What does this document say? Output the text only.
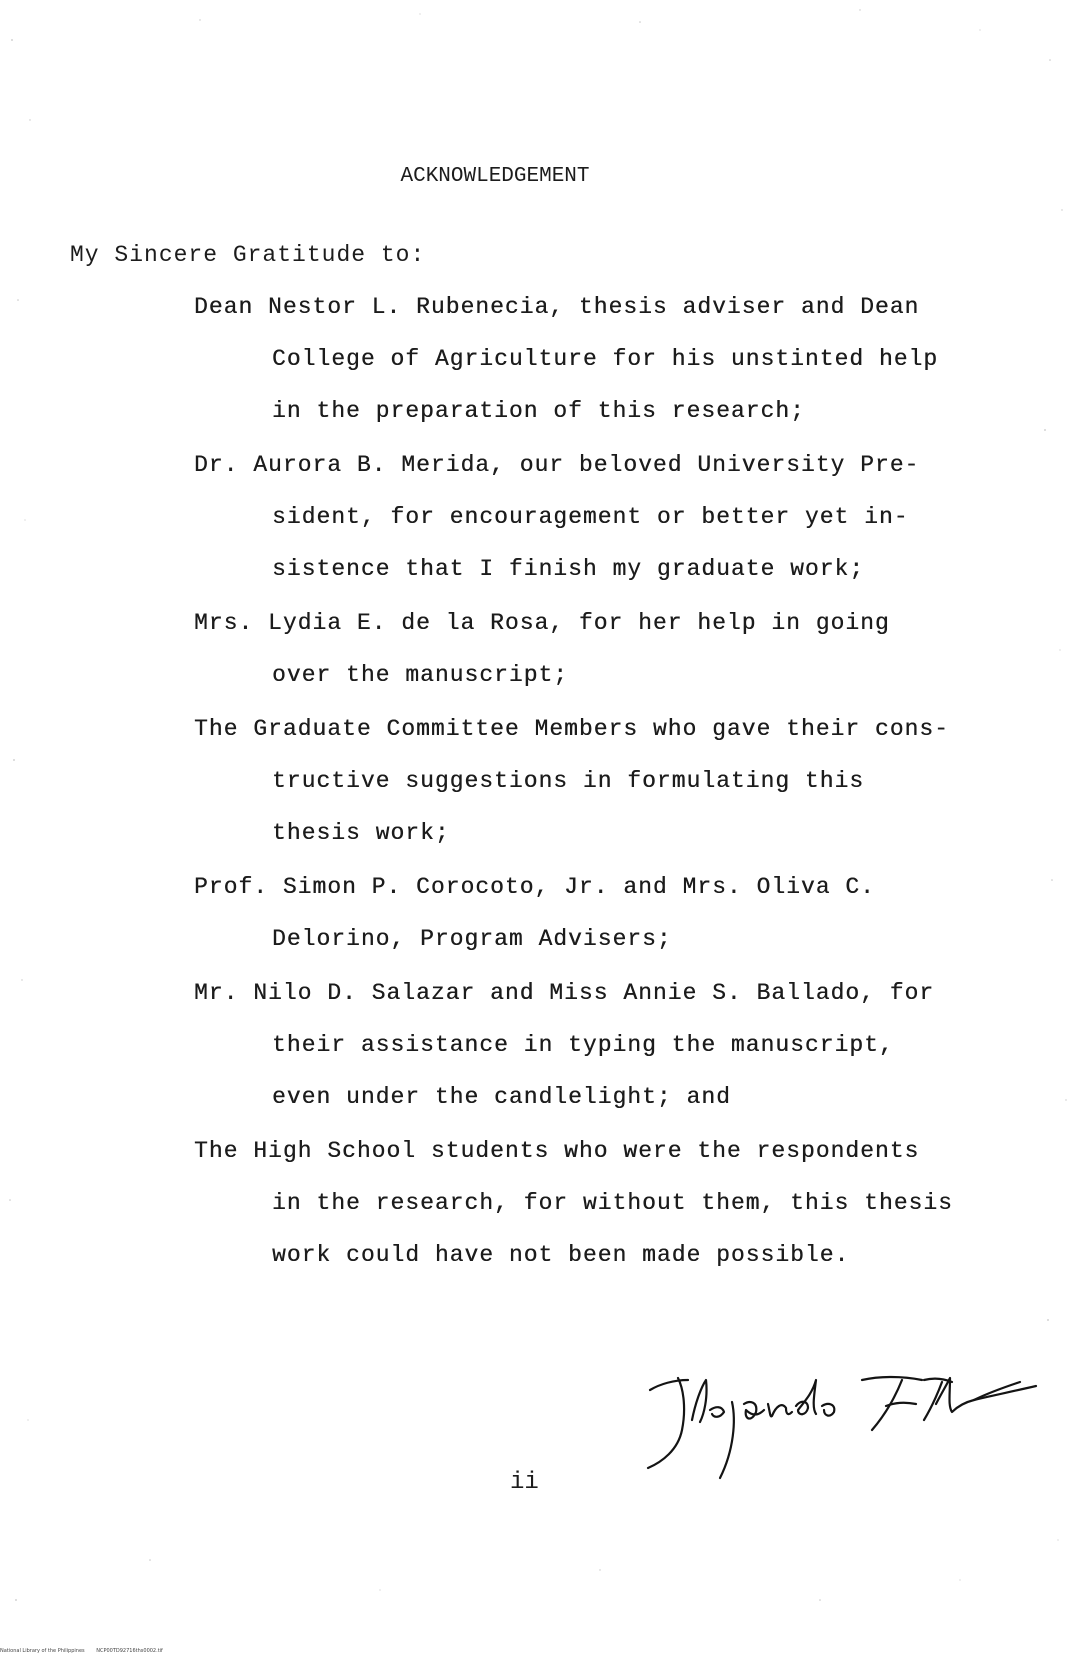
ACKNOWLEDGEMENT
My Sincere Gratitude to:
Dean Nestor L. Rubenecia, thesis adviser and Dean
College of Agriculture for his unstinted help
in the preparation of this research;
Dr. Aurora B. Merida, our beloved University Pre-
sident, for encouragement or better yet in-
sistence that I finish my graduate work;
Mrs. Lydia E. de la Rosa, for her help in going
over the manuscript;
The Graduate Committee Members who gave their cons-
tructive suggestions in formulating this
thesis work;
Prof. Simon P. Corocoto, Jr. and Mrs. Oliva C.
Delorino, Program Advisers;
Mr. Nilo D. Salazar and Miss Annie S. Ballado, for
their assistance in typing the manuscript,
even under the candlelight; and
The High School students who were the respondents
in the research, for without them, this thesis
work could have not been made possible.
ii
National Library of the Philippines NCP00TD92716ths0002.tif
